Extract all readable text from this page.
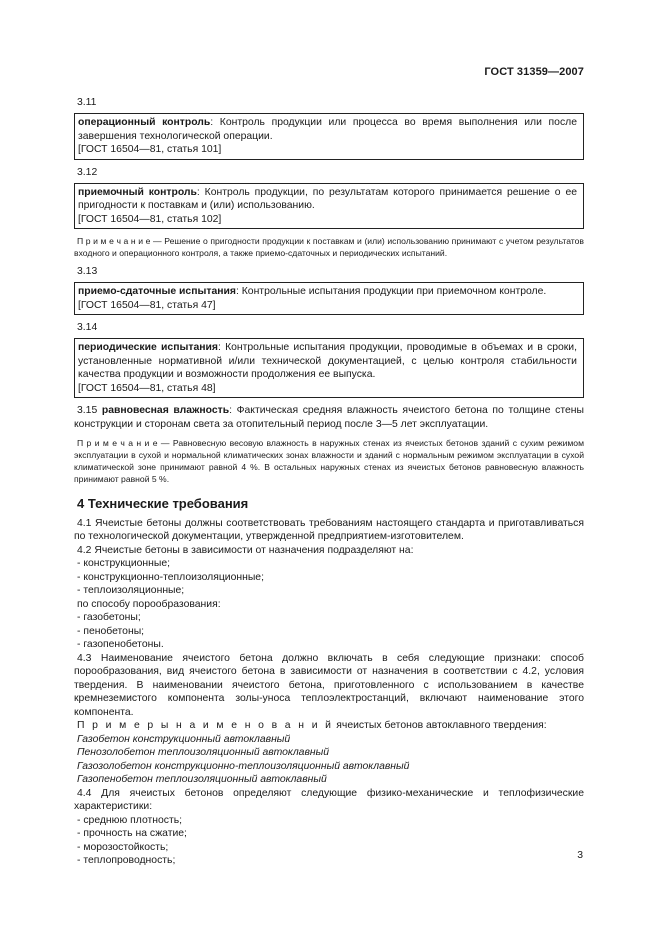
ГОСТ 31359—2007
3.11

операционный контроль: Контроль продукции или процесса во время выполнения или после завершения технологической операции.

[ГОСТ 16504—81, статья 101]

3.12

приемочный контроль: Контроль продукции, по результатам которого принимается решение о ее пригодности к поставкам и (или) использованию.

[ГОСТ 16504—81, статья 102]

П р и м е ч а н и е — Решение о пригодности продукции к поставкам и (или) использованию принимают с учетом результатов входного и операционного контроля, а также приемо-сдаточных и периодических испытаний.

3.13

приемо-сдаточные испытания: Контрольные испытания продукции при приемочном контроле.

[ГОСТ 16504—81, статья 47]

3.14

периодические испытания: Контрольные испытания продукции, проводимые в объемах и в сроки, установленные нормативной и/или технической документацией, с целью контроля стабильности качества продукции и возможности продолжения ее выпуска.

[ГОСТ 16504—81, статья 48]

3.15 равновесная влажность: Фактическая средняя влажность ячеистого бетона по толщине стены конструкции и сторонам света за отопительный период после 3—5 лет эксплуатации.

П р и м е ч а н и е — Равновесную весовую влажность в наружных стенах из ячеистых бетонов зданий с сухим режимом эксплуатации в сухой и нормальной климатических зонах влажности и зданий с нормальным режимом эксплуатации в сухой климатической зоне принимают равной 4 %. В остальных наружных стенах из ячеистых бетонов равновесную влажность принимают равной 5 %.

4 Технические требования

4.1 Ячеистые бетоны должны соответствовать требованиям настоящего стандарта и приготавливаться по технологической документации, утвержденной предприятием-изготовителем.

4.2 Ячеистые бетоны в зависимости от назначения подразделяют на:

- конструкционные;
- конструкционно-теплоизоляционные;
- теплоизоляционные;

по способу порообразования:

- газобетоны;
- пенобетоны;
- газопенобетоны.

4.3 Наименование ячеистого бетона должно включать в себя следующие признаки: способ порообразования, вид ячеистого бетона в зависимости от назначения в соответствии с 4.2, условия твердения. В наименовании ячеистого бетона, приготовленного с использованием в качестве кремнеземистого компонента золы-уноса теплоэлектростанций, включают наименование этого компонента.

П р и м е р ы н а и м е н о в а н и й ячеистых бетонов автоклавного твердения:

Газобетон конструкционный автоклавный
Пенозолобетон теплоизоляционный автоклавный
Газозолобетон конструкционно-теплоизоляционный автоклавный
Газопенобетон теплоизоляционный автоклавный

4.4 Для ячеистых бетонов определяют следующие физико-механические и теплофизические характеристики:

- среднюю плотность;
- прочность на сжатие;
- морозостойкость;
- теплопроводность;	3
